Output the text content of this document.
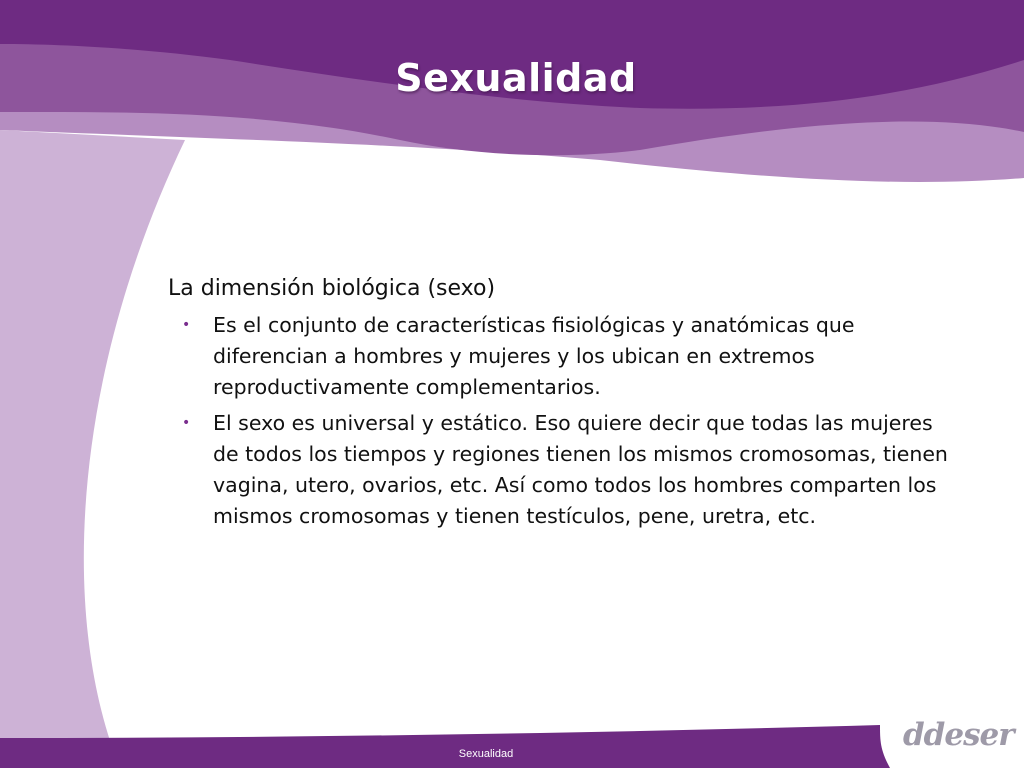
Sexualidad
La dimensión biológica (sexo)
• Es el conjunto de características fisiológicas y anatómicas que diferencian a hombres y mujeres y los ubican en extremos reproductivamente complementarios.
• El sexo es universal y estático. Eso quiere decir que todas las mujeres de todos los tiempos y regiones tienen los mismos cromosomas, tienen vagina, utero, ovarios, etc. Así como todos los hombres comparten los mismos cromosomas y tienen testículos, pene, uretra, etc.
Sexualidad
ddeser
